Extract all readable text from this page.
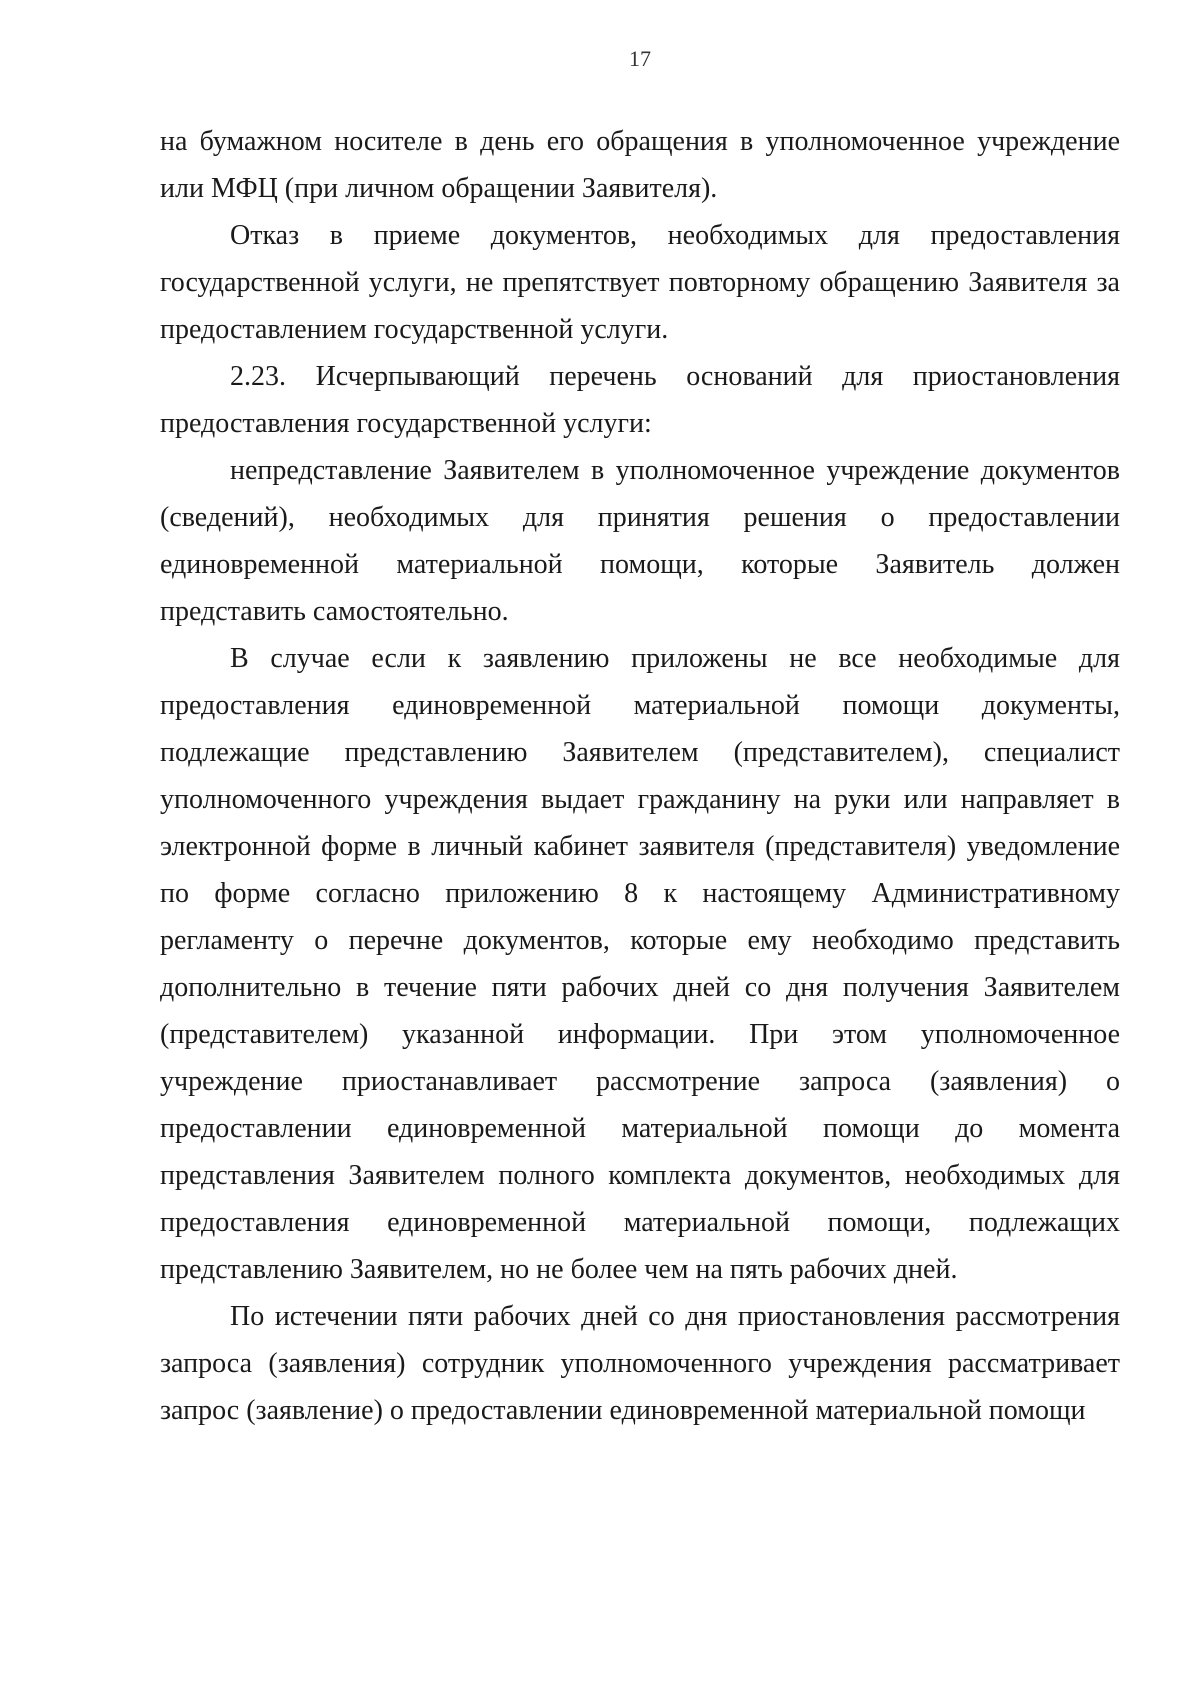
17

на бумажном носителе в день его обращения в уполномоченное учреждение или МФЦ (при личном обращении Заявителя).

Отказ в приеме документов, необходимых для предоставления государственной услуги, не препятствует повторному обращению Заявителя за предоставлением государственной услуги.

2.23. Исчерпывающий перечень оснований для приостановления предоставления государственной услуги:

непредставление Заявителем в уполномоченное учреждение документов (сведений), необходимых для принятия решения о предоставлении единовременной материальной помощи, которые Заявитель должен представить самостоятельно.

В случае если к заявлению приложены не все необходимые для предоставления единовременной материальной помощи документы, подлежащие представлению Заявителем (представителем), специалист уполномоченного учреждения выдает гражданину на руки или направляет в электронной форме в личный кабинет заявителя (представителя) уведомление по форме согласно приложению 8 к настоящему Административному регламенту о перечне документов, которые ему необходимо представить дополнительно в течение пяти рабочих дней со дня получения Заявителем (представителем) указанной информации. При этом уполномоченное учреждение приостанавливает рассмотрение запроса (заявления) о предоставлении единовременной материальной помощи до момента представления Заявителем полного комплекта документов, необходимых для предоставления единовременной материальной помощи, подлежащих представлению Заявителем, но не более чем на пять рабочих дней.

По истечении пяти рабочих дней со дня приостановления рассмотрения запроса (заявления) сотрудник уполномоченного учреждения рассматривает запрос (заявление) о предоставлении единовременной материальной помощи
